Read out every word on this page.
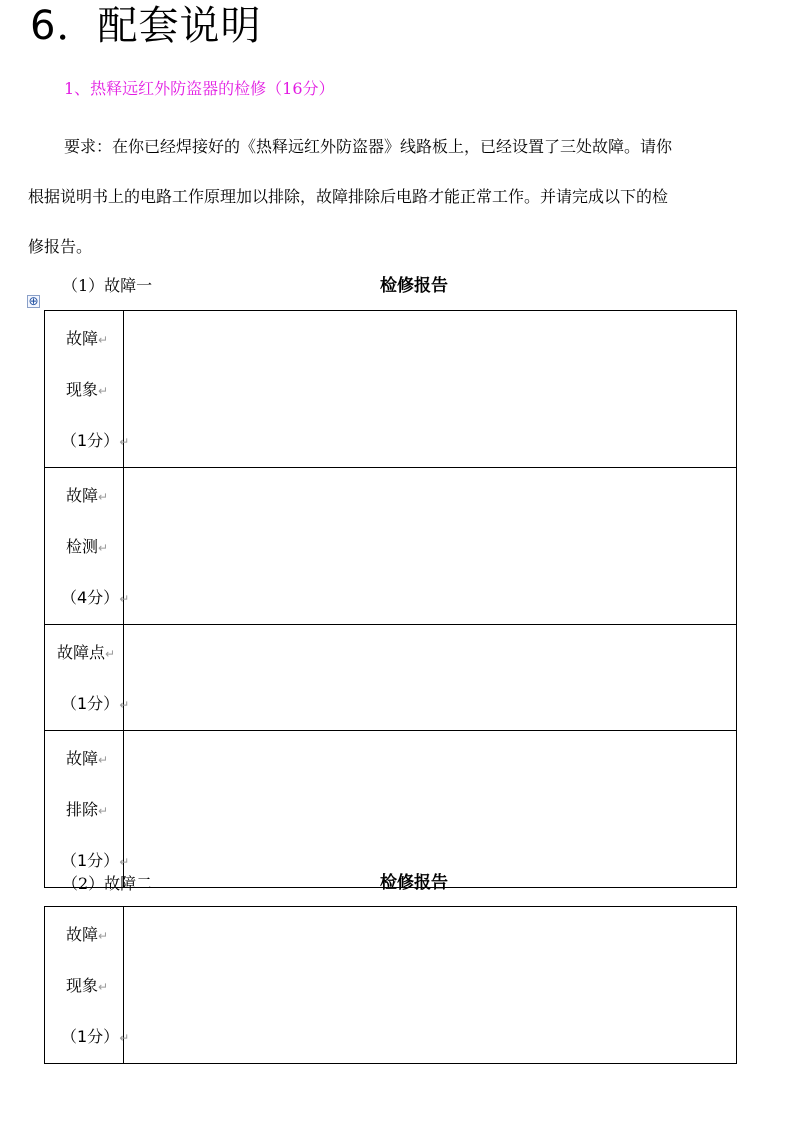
6．配套说明
1、热释远红外防盗器的检修（16分）

要求：在你已经焊接好的《热释远红外防盗器》线路板上，已经设置了三处故障。请你

根据说明书上的电路工作原理加以排除，故障排除后电路才能正常工作。并请完成以下的检

修报告。

（1）故障一	检修报告
⊕
故障↵
现象↵
（1分）↵	

故障↵
检测↵
（4分）↵	

故障点↵
（1分）↵	

故障↵
排除↵
（1分）↵	

（2）故障二	检修报告
故障↵
现象↵
（1分）↵
